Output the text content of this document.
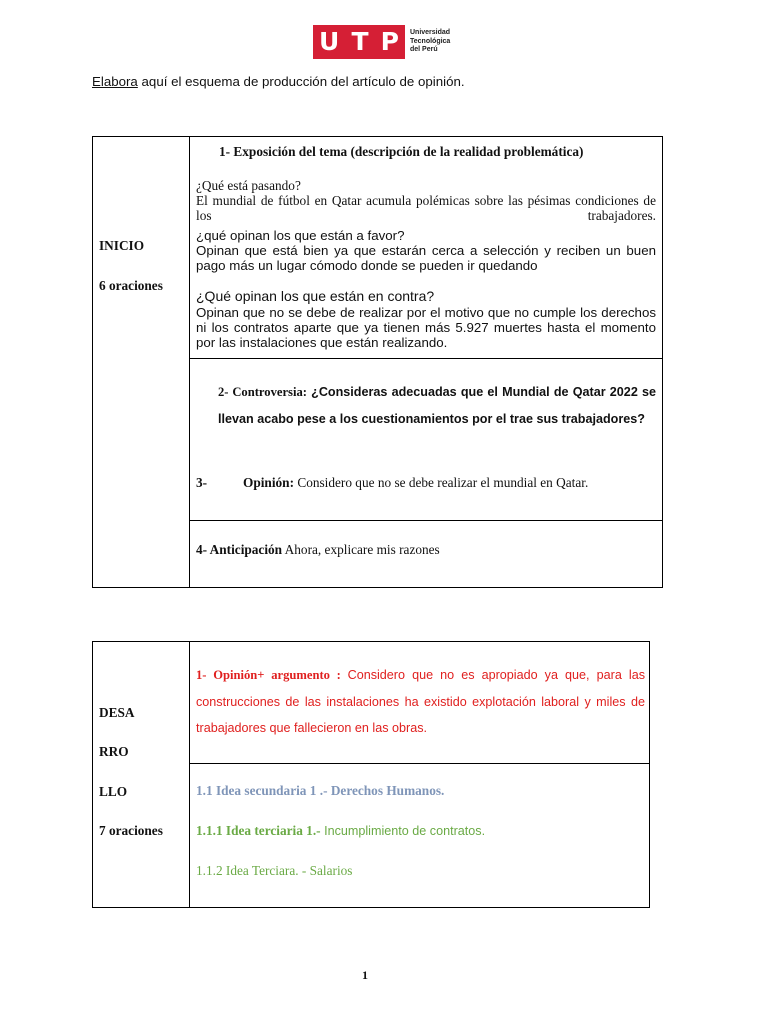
U T P Universidad
Tecnológica
del Perú
Elabora aquí el esquema de producción del artículo de opinión.
INICIO
6 oraciones
1- Exposición del tema (descripción de la realidad problemática)
¿Qué está pasando?
El mundial de fútbol en Qatar acumula polémicas sobre las pésimas condiciones de los trabajadores.
¿qué opinan los que están a favor?
Opinan que está bien ya que estarán cerca a selección y reciben un buen pago más un lugar cómodo donde se pueden ir quedando
¿Qué opinan los que están en contra?
Opinan que no se debe de realizar por el motivo que no cumple los derechos ni los contratos aparte que ya tienen más 5.927 muertes hasta el momento por las instalaciones que están realizando.
2- Controversia: ¿Consideras adecuadas que el Mundial de Qatar 2022 se llevan acabo pese a los cuestionamientos por el trae sus trabajadores?
3-	Opinión: Considero que no se debe realizar el mundial en Qatar.
4- Anticipación Ahora, explicare mis razones
DESA
RRO
LLO
7 oraciones
1- Opinión+ argumento : Considero que no es apropiado ya que, para las construcciones de las instalaciones ha existido explotación laboral y miles de trabajadores que fallecieron en las obras.
1.1 Idea secundaria 1 .- Derechos Humanos.
1.1.1 Idea terciaria 1.- Incumplimiento de contratos.
1.1.2 Idea Terciara. - Salarios
1
